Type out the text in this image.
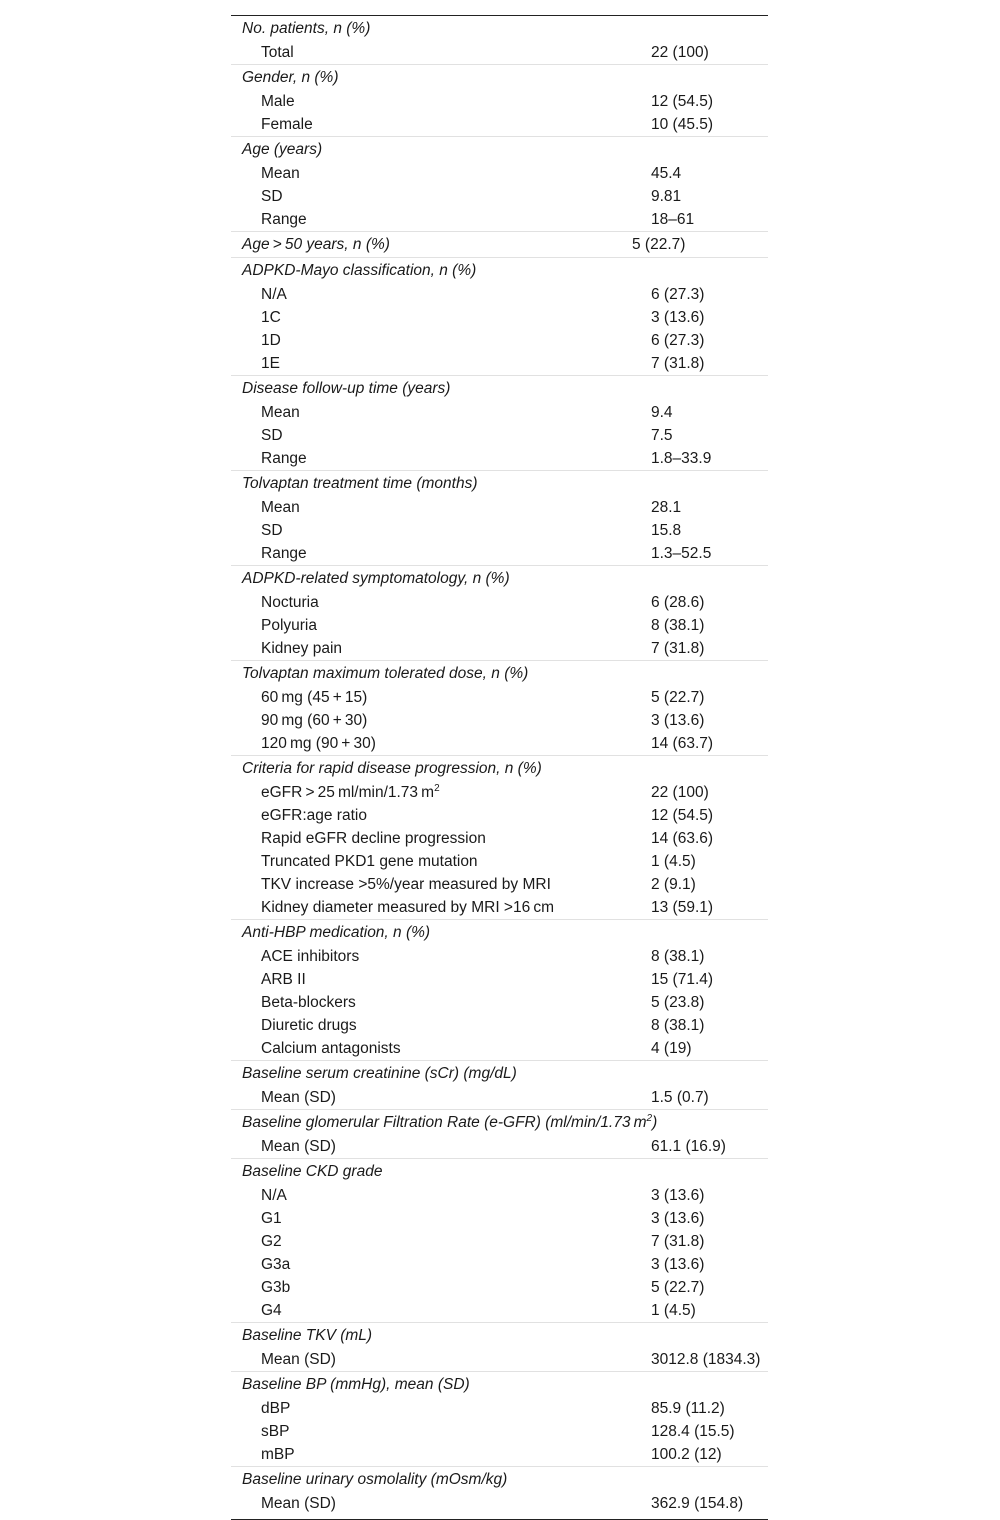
No. patients, n (%)
Total	22 (100)
Gender, n (%)
Male	12 (54.5)
Female	10 (45.5)
Age (years)
Mean	45.4
SD	9.81
Range	18–61
Age > 50 years, n (%)	5 (22.7)
ADPKD-Mayo classification, n (%)
N/A	6 (27.3)
1C	3 (13.6)
1D	6 (27.3)
1E	7 (31.8)
Disease follow-up time (years)
Mean	9.4
SD	7.5
Range	1.8–33.9
Tolvaptan treatment time (months)
Mean	28.1
SD	15.8
Range	1.3–52.5
ADPKD-related symptomatology, n (%)
Nocturia	6 (28.6)
Polyuria	8 (38.1)
Kidney pain	7 (31.8)
Tolvaptan maximum tolerated dose, n (%)
60 mg (45 + 15)	5 (22.7)
90 mg (60 + 30)	3 (13.6)
120 mg (90 + 30)	14 (63.7)
Criteria for rapid disease progression, n (%)
eGFR > 25 ml/min/1.73 $m^2$	22 (100)
eGFR:age ratio	12 (54.5)
Rapid eGFR decline progression	14 (63.6)
Truncated PKD1 gene mutation	1 (4.5)
TKV increase >5%/year measured by MRI	2 (9.1)
Kidney diameter measured by MRI >16 cm	13 (59.1)
Anti-HBP medication, n (%)
ACE inhibitors	8 (38.1)
ARB II	15 (71.4)
Beta-blockers	5 (23.8)
Diuretic drugs	8 (38.1)
Calcium antagonists	4 (19)
Baseline serum creatinine (sCr) (mg/dL)
Mean (SD)	1.5 (0.7)
Baseline glomerular Filtration Rate (e-GFR) (ml/min/1.73 $m^2$)
Mean (SD)	61.1 (16.9)
Baseline CKD grade
N/A	3 (13.6)
G1	3 (13.6)
G2	7 (31.8)
G3a	3 (13.6)
G3b	5 (22.7)
G4	1 (4.5)
Baseline TKV (mL)
Mean (SD)	3012.8 (1834.3)
Baseline BP (mmHg), mean (SD)
dBP	85.9 (11.2)
sBP	128.4 (15.5)
mBP	100.2 (12)
Baseline urinary osmolality (mOsm/kg)
Mean (SD)	362.9 (154.8)
